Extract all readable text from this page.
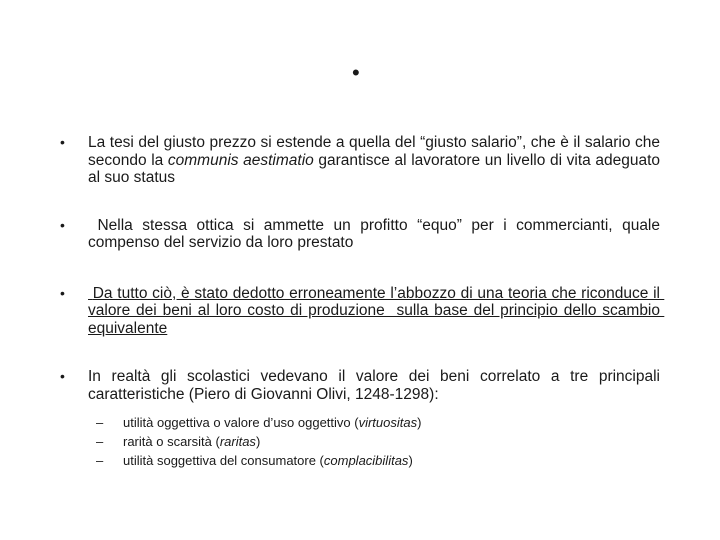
•
• La tesi del giusto prezzo si estende a quella del “giusto salario”, che è il salario che secondo la communis aestimatio garantisce al lavoratore un livello di vita adeguato al suo status
• Nella stessa ottica si ammette un profitto “equo” per i commercianti, quale compenso del servizio da loro prestato
• Da tutto ciò, è stato dedotto erroneamente l’abbozzo di una teoria che riconduce il valore dei beni al loro costo di produzione  sulla base del principio dello scambio equivalente
• In realtà gli scolastici vedevano il valore dei beni correlato a tre principali caratteristiche (Piero di Giovanni Olivi, 1248-1298):
– utilità oggettiva o valore d’uso oggettivo (virtuositas)
– rarità o scarsità (raritas)
– utilità soggettiva del consumatore (complacibilitas)
